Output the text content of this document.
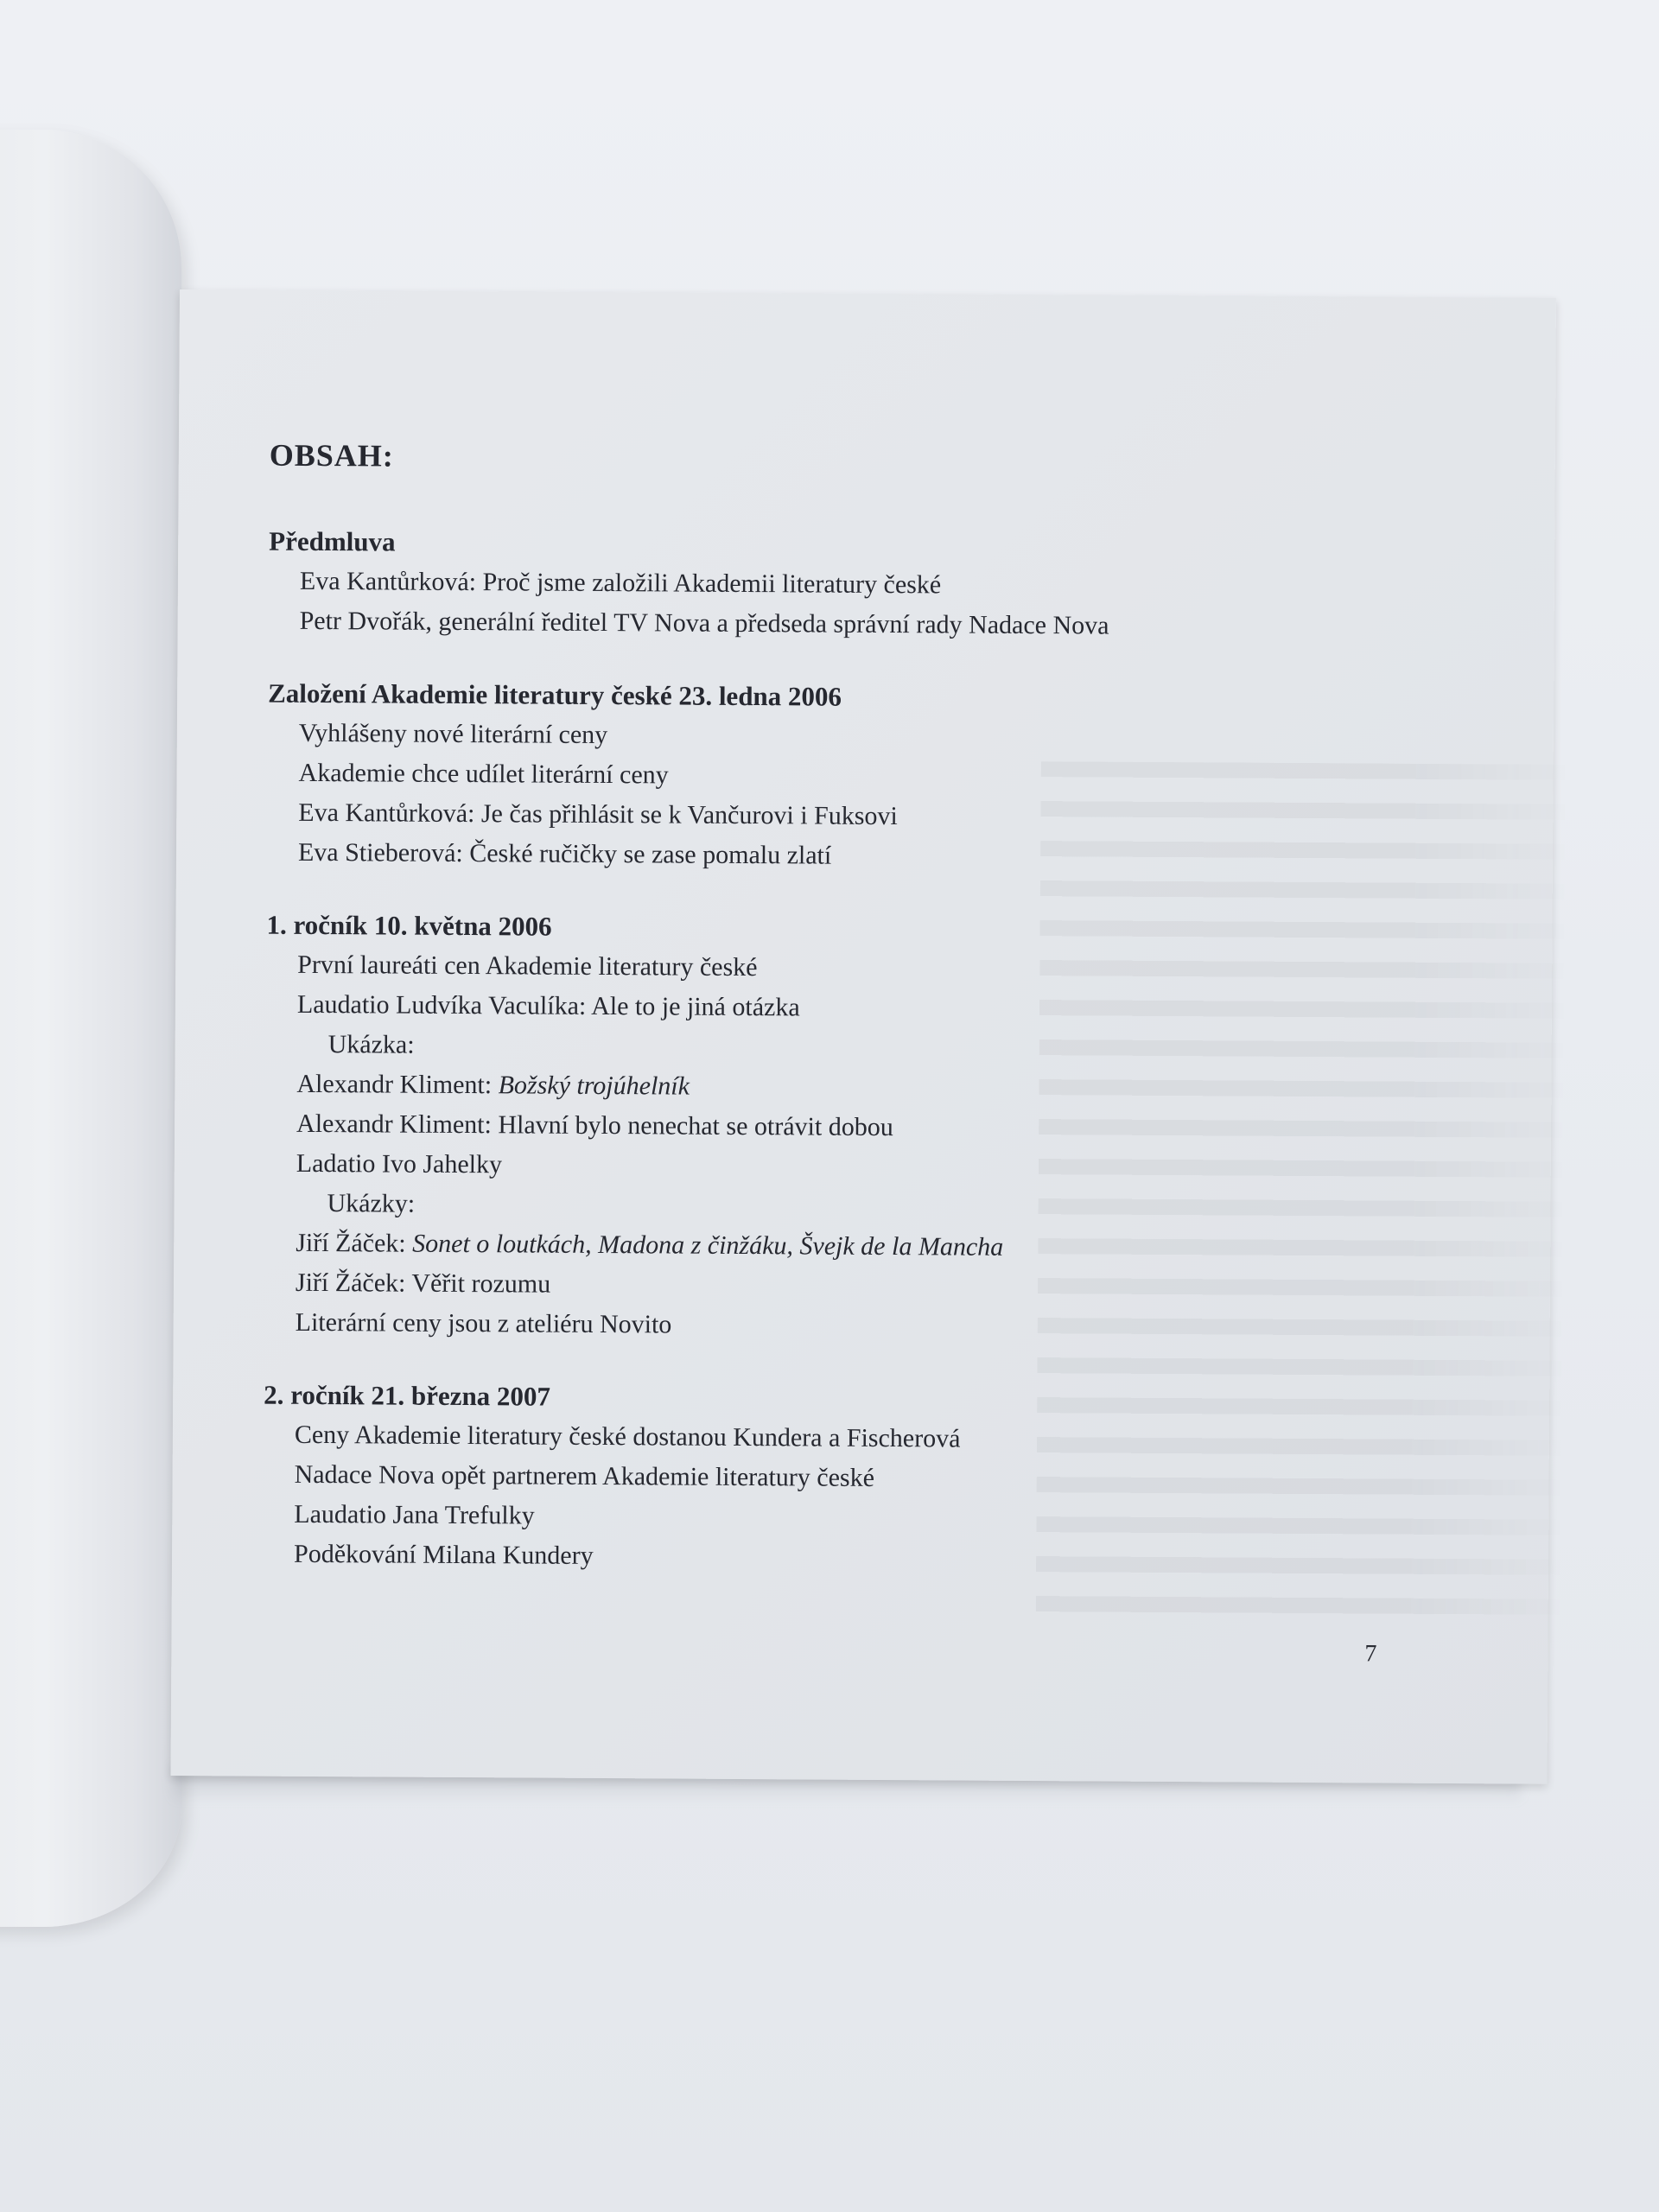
OBSAH:
Předmluva
Eva Kantůrková: Proč jsme založili Akademii literatury české
Petr Dvořák, generální ředitel TV Nova a předseda správní rady Nadace Nova
Založení Akademie literatury české 23. ledna 2006
Vyhlášeny nové literární ceny
Akademie chce udílet literární ceny
Eva Kantůrková: Je čas přihlásit se k Vančurovi i Fuksovi
Eva Stieberová: České ručičky se zase pomalu zlatí
1. ročník 10. května 2006
První laureáti cen Akademie literatury české
Laudatio Ludvíka Vaculíka: Ale to je jiná otázka
Ukázka:
Alexandr Kliment: Božský trojúhelník
Alexandr Kliment: Hlavní bylo nenechat se otrávit dobou
Ladatio Ivo Jahelky
Ukázky:
Jiří Žáček: Sonet o loutkách, Madona z činžáku, Švejk de la Mancha
Jiří Žáček: Věřit rozumu
Literární ceny jsou z ateliéru Novito
2. ročník 21. března 2007
Ceny Akademie literatury české dostanou Kundera a Fischerová
Nadace Nova opět partnerem Akademie literatury české
Laudatio Jana Trefulky
Poděkování Milana Kundery
7
